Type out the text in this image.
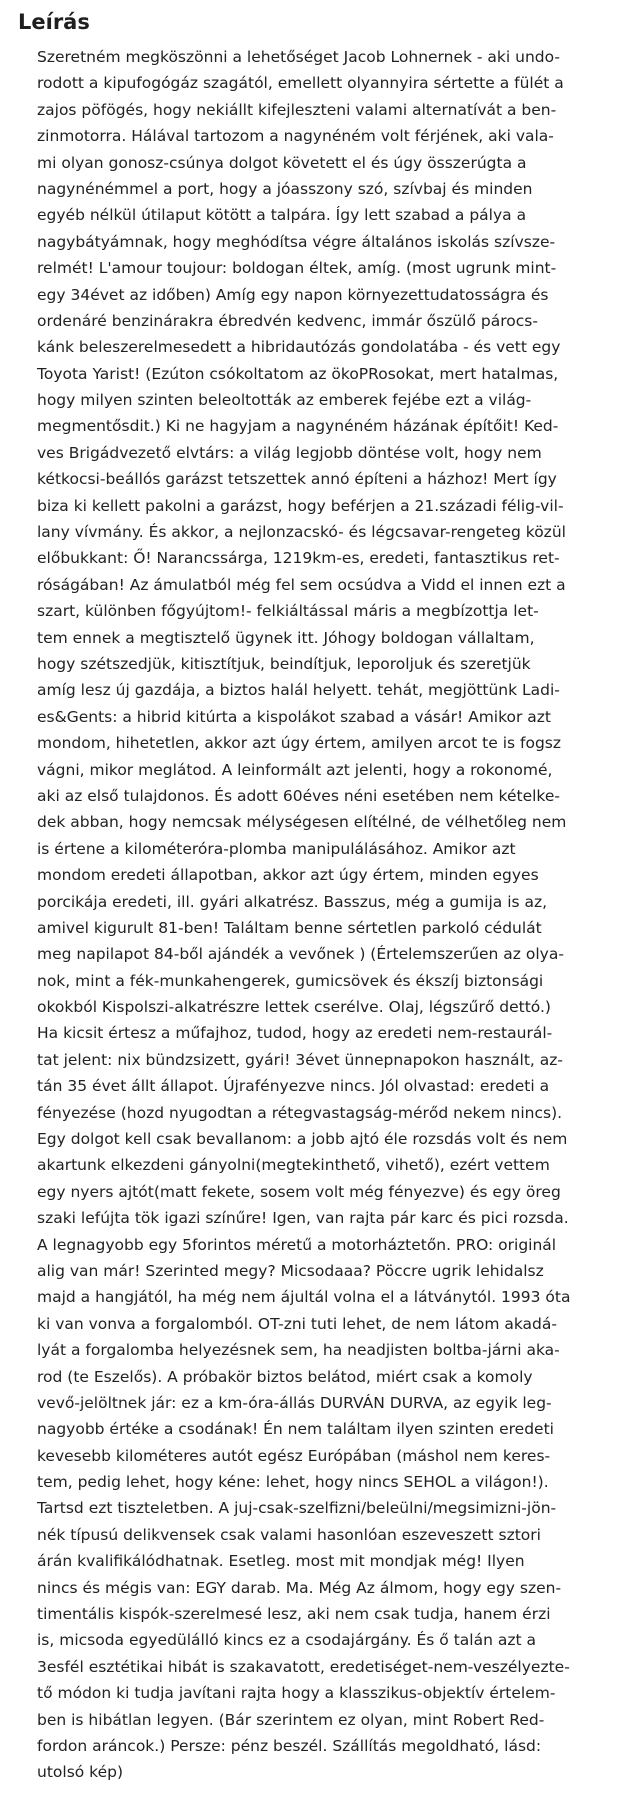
Leírás
Szeretném megköszönni a lehetőséget Jacob Lohnernek - aki undo-
rodott a kipufogógáz szagától, emellett olyannyira sértette a fülét a
zajos pöfögés, hogy nekiállt kifejleszteni valami alternatívát a ben-
zinmotorra. Hálával tartozom a nagynéném volt férjének, aki vala-
mi olyan gonosz-csúnya dolgot követett el és úgy összerúgta a
nagynénémmel a port, hogy a jóasszony szó, szívbaj és minden
egyéb nélkül útilaput kötött a talpára. Így lett szabad a pálya a
nagybátyámnak, hogy meghódítsa végre általános iskolás szívsze-
relmét! L'amour toujour: boldogan éltek, amíg. (most ugrunk mint-
egy 34évet az időben) Amíg egy napon környezettudatosságra és
ordenáré benzinárakra ébredvén kedvenc, immár őszülő párocs-
kánk beleszerelmesedett a hibridautózás gondolatába - és vett egy
Toyota Yarist! (Ezúton csókoltatom az ökoPRosokat, mert hatalmas,
hogy milyen szinten beleoltották az emberek fejébe ezt a világ-
megmentősdit.) Ki ne hagyjam a nagynéném házának építőit! Ked-
ves Brigádvezető elvtárs: a világ legjobb döntése volt, hogy nem
kétkocsi-beállós garázst tetszettek annó építeni a házhoz! Mert így
biza ki kellett pakolni a garázst, hogy beférjen a 21.századi félig-vil-
lany vívmány. És akkor, a nejlonzacskó- és légcsavar-rengeteg közül
előbukkant: Ő! Narancssárga, 1219km-es, eredeti, fantasztikus ret-
róságában! Az ámulatból még fel sem ocsúdva a Vidd el innen ezt a
szart, különben főgyújtom!- felkiáltással máris a megbízottja let-
tem ennek a megtisztelő ügynek itt. Jóhogy boldogan vállaltam,
hogy szétszedjük, kitisztítjuk, beindítjuk, leporoljuk és szeretjük
amíg lesz új gazdája, a biztos halál helyett. tehát, megjöttünk Ladi-
es&Gents: a hibrid kitúrta a kispolákot szabad a vásár! Amikor azt
mondom, hihetetlen, akkor azt úgy értem, amilyen arcot te is fogsz
vágni, mikor meglátod. A leinformált azt jelenti, hogy a rokonomé,
aki az első tulajdonos. És adott 60éves néni esetében nem kételke-
dek abban, hogy nemcsak mélységesen elítélné, de vélhetőleg nem
is értene a kilométeróra-plomba manipulálásához. Amikor azt
mondom eredeti állapotban, akkor azt úgy értem, minden egyes
porcikája eredeti, ill. gyári alkatrész. Basszus, még a gumija is az,
amivel kigurult 81-ben! Találtam benne sértetlen parkoló cédulát
meg napilapot 84-ből ajándék a vevőnek ) (Értelemszerűen az olya-
nok, mint a fék-munkahengerek, gumicsövek és ékszíj biztonsági
okokból Kispolszi-alkatrészre lettek cserélve. Olaj, légszűrő dettó.)
Ha kicsit értesz a műfajhoz, tudod, hogy az eredeti nem-restaurál-
tat jelent: nix bündzsizett, gyári! 3évet ünnepnapokon használt, az-
tán 35 évet állt állapot. Újrafényezve nincs. Jól olvastad: eredeti a
fényezése (hozd nyugodtan a rétegvastagság-mérőd nekem nincs).
Egy dolgot kell csak bevallanom: a jobb ajtó éle rozsdás volt és nem
akartunk elkezdeni gányolni(megtekinthető, vihető), ezért vettem
egy nyers ajtót(matt fekete, sosem volt még fényezve) és egy öreg
szaki lefújta tök igazi színűre! Igen, van rajta pár karc és pici rozsda.
A legnagyobb egy 5forintos méretű a motorháztetőn. PRO: originál
alig van már! Szerinted megy? Micsodaaa? Pöccre ugrik lehidalsz
majd a hangjától, ha még nem ájultál volna el a látványtól. 1993 óta
ki van vonva a forgalomból. OT-zni tuti lehet, de nem látom akadá-
lyát a forgalomba helyezésnek sem, ha neadjisten boltba-járni aka-
rod (te Eszelős). A próbakör biztos belátod, miért csak a komoly
vevő-jelöltnek jár: ez a km-óra-állás DURVÁN DURVA, az egyik leg-
nagyobb értéke a csodának! Én nem találtam ilyen szinten eredeti
kevesebb kilométeres autót egész Európában (máshol nem keres-
tem, pedig lehet, hogy kéne: lehet, hogy nincs SEHOL a világon!).
Tartsd ezt tiszteletben. A juj-csak-szelfizni/beleülni/megsimizni-jön-
nék típusú delikvensek csak valami hasonlóan eszeveszett sztori
árán kvalifikálódhatnak. Esetleg. most mit mondjak még! Ilyen
nincs és mégis van: EGY darab. Ma. Még Az álmom, hogy egy szen-
timentális kispók-szerelmesé lesz, aki nem csak tudja, hanem érzi
is, micsoda egyedülálló kincs ez a csodajárgány. És ő talán azt a
3esfél esztétikai hibát is szakavatott, eredetiséget-nem-veszélyezte-
tő módon ki tudja javítani rajta hogy a klasszikus-objektív értelem-
ben is hibátlan legyen. (Bár szerintem ez olyan, mint Robert Red-
fordon aráncok.) Persze: pénz beszél. Szállítás megoldható, lásd:
utolsó kép)
